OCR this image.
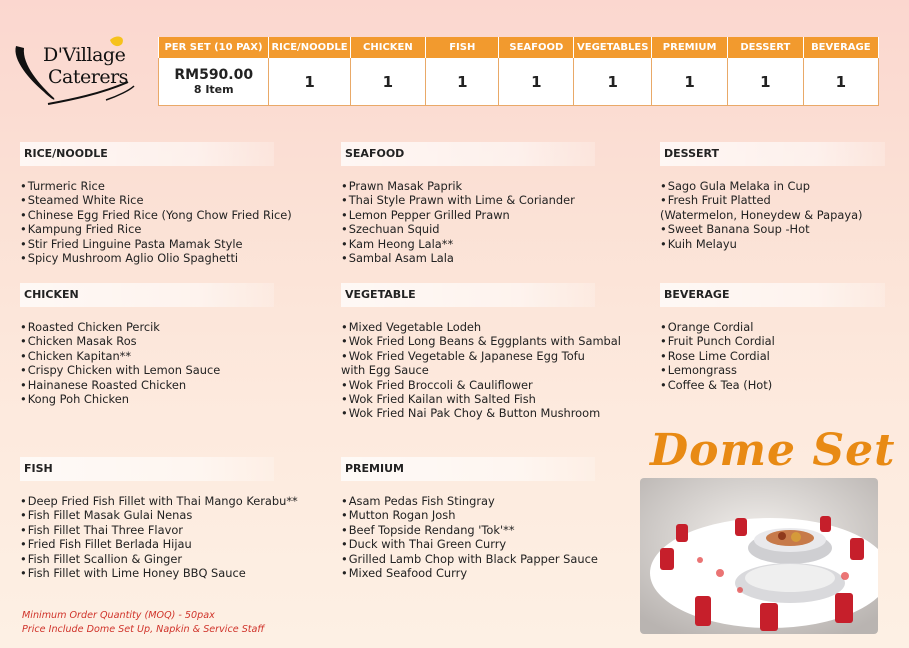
D'Village
Caterers
PER SET (10 PAX)	RICE/NOODLE	CHICKEN	FISH	SEAFOOD	VEGETABLES	PREMIUM	DESSERT	BEVERAGE

RM590.00
8 Item	1	1	1	1	1	1	1	1
RICE/NOODLE
• Turmeric Rice
• Steamed White Rice
• Chinese Egg Fried Rice (Yong Chow Fried Rice)
• Kampung Fried Rice
• Stir Fried Linguine Pasta Mamak Style
• Spicy Mushroom Aglio Olio Spaghetti
CHICKEN
• Roasted Chicken Percik
• Chicken Masak Ros
• Chicken Kapitan**
• Crispy Chicken with Lemon Sauce
• Hainanese Roasted Chicken
• Kong Poh Chicken
FISH
• Deep Fried Fish Fillet with Thai Mango Kerabu**
• Fish Fillet Masak Gulai Nenas
• Fish Fillet Thai Three Flavor
• Fried Fish Fillet Berlada Hijau
• Fish Fillet Scallion & Ginger
• Fish Fillet with Lime Honey BBQ Sauce
SEAFOOD
• Prawn Masak Paprik
• Thai Style Prawn with Lime & Coriander
• Lemon Pepper Grilled Prawn
• Szechuan Squid
• Kam Heong Lala**
• Sambal Asam Lala
VEGETABLE
• Mixed Vegetable Lodeh
• Wok Fried Long Beans & Eggplants with Sambal
• Wok Fried Vegetable & Japanese Egg Tofu
with Egg Sauce
• Wok Fried Broccoli & Cauliflower
• Wok Fried Kailan with Salted Fish
• Wok Fried Nai Pak Choy & Button Mushroom
PREMIUM
• Asam Pedas Fish Stingray
• Mutton Rogan Josh
• Beef Topside Rendang 'Tok'**
• Duck with Thai Green Curry
• Grilled Lamb Chop with Black Papper Sauce
• Mixed Seafood Curry
DESSERT
• Sago Gula Melaka in Cup
• Fresh Fruit Platted
(Watermelon, Honeydew & Papaya)
• Sweet Banana Soup -Hot
• Kuih Melayu
BEVERAGE
• Orange Cordial
• Fruit Punch Cordial
• Rose Lime Cordial
• Lemongrass
• Coffee & Tea (Hot)
Dome Set
Minimum Order Quantity (MOQ) - 50pax
Price Include Dome Set Up, Napkin & Service Staff
